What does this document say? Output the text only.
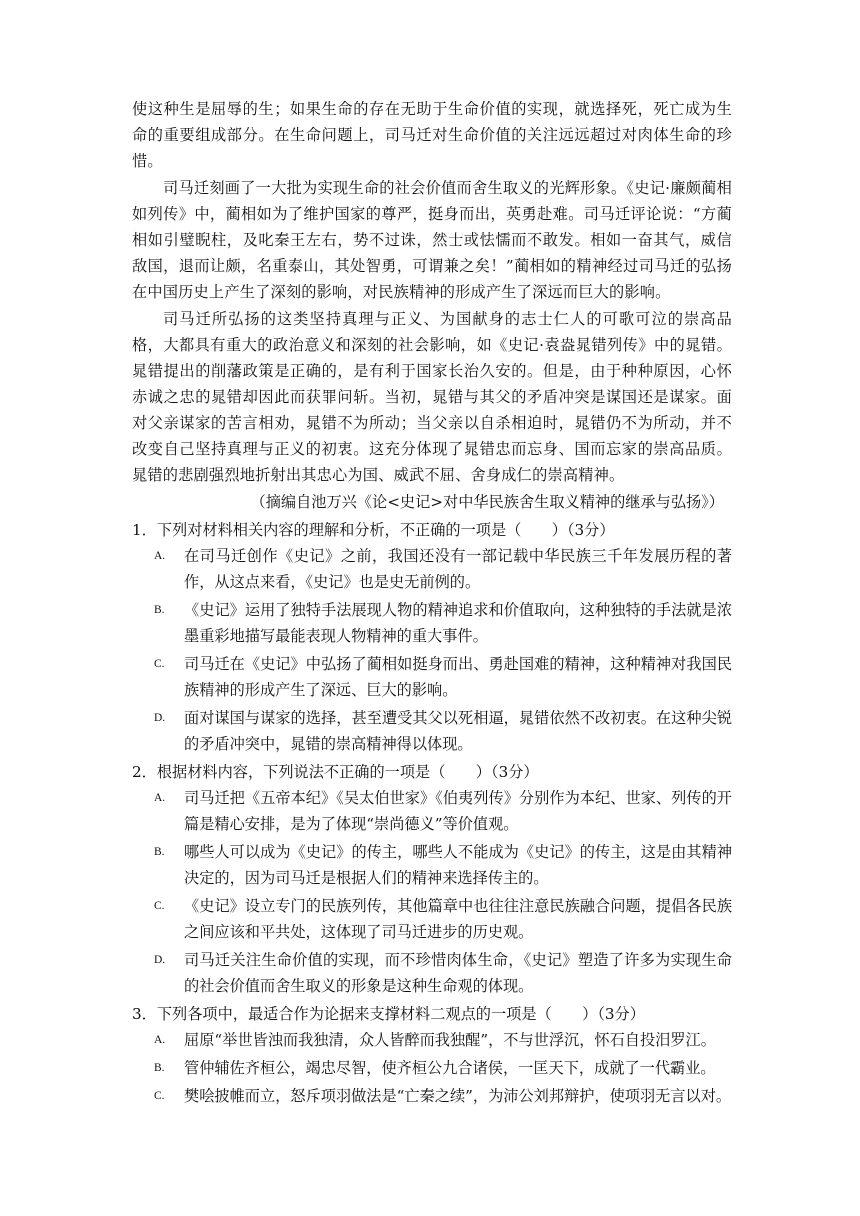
使这种生是屈辱的生；如果生命的存在无助于生命价值的实现，就选择死，死亡成为生命的重要组成部分。在生命问题上，司马迁对生命价值的关注远远超过对肉体生命的珍惜。

司马迁刻画了一大批为实现生命的社会价值而舍生取义的光辉形象。《史记·廉颇蔺相如列传》中，蔺相如为了维护国家的尊严，挺身而出，英勇赴难。司马迁评论说：“方蔺相如引璧睨柱，及叱秦王左右，势不过诛，然士或怯懦而不敢发。相如一奋其气，威信敌国，退而让颇，名重泰山，其处智勇，可谓兼之矣！”蔺相如的精神经过司马迁的弘扬在中国历史上产生了深刻的影响，对民族精神的形成产生了深远而巨大的影响。

司马迁所弘扬的这类坚持真理与正义、为国献身的志士仁人的可歌可泣的崇高品格，大都具有重大的政治意义和深刻的社会影响，如《史记·袁盎晁错列传》中的晁错。晁错提出的削藩政策是正确的，是有利于国家长治久安的。但是，由于种种原因，心怀赤诚之忠的晁错却因此而获罪问斩。当初，晁错与其父的矛盾冲突是谋国还是谋家。面对父亲谋家的苦言相劝，晁错不为所动；当父亲以自杀相迫时，晁错仍不为所动，并不改变自己坚持真理与正义的初衷。这充分体现了晁错忠而忘身、国而忘家的崇高品质。晁错的悲剧强烈地折射出其忠心为国、威武不屈、舍身成仁的崇高精神。

（摘编自池万兴《论<史记>对中华民族舍生取义精神的继承与弘扬》）

1．下列对材料相关内容的理解和分析，不正确的一项是（　　）（3分）
A. 在司马迁创作《史记》之前，我国还没有一部记载中华民族三千年发展历程的著作，从这点来看，《史记》也是史无前例的。
B. 《史记》运用了独特手法展现人物的精神追求和价值取向，这种独特的手法就是浓墨重彩地描写最能表现人物精神的重大事件。
C. 司马迁在《史记》中弘扬了蔺相如挺身而出、勇赴国难的精神，这种精神对我国民族精神的形成产生了深远、巨大的影响。
D. 面对谋国与谋家的选择，甚至遭受其父以死相逼，晁错依然不改初衷。在这种尖锐的矛盾冲突中，晁错的崇高精神得以体现。
2．根据材料内容，下列说法不正确的一项是（　　）（3分）
A. 司马迁把《五帝本纪》《吴太伯世家》《伯夷列传》分别作为本纪、世家、列传的开篇是精心安排，是为了体现“崇尚德义”等价值观。
B. 哪些人可以成为《史记》的传主，哪些人不能成为《史记》的传主，这是由其精神决定的，因为司马迁是根据人们的精神来选择传主的。
C. 《史记》设立专门的民族列传，其他篇章中也往往注意民族融合问题，提倡各民族之间应该和平共处，这体现了司马迁进步的历史观。
D. 司马迁关注生命价值的实现，而不珍惜肉体生命，《史记》塑造了许多为实现生命的社会价值而舍生取义的形象是这种生命观的体现。
3．下列各项中，最适合作为论据来支撑材料二观点的一项是（　　）（3分）
A. 屈原“举世皆浊而我独清，众人皆醉而我独醒”，不与世浮沉，怀石自投汨罗江。
B. 管仲辅佐齐桓公，竭忠尽智，使齐桓公九合诸侯，一匡天下，成就了一代霸业。
C. 樊哙披帷而立，怒斥项羽做法是“亡秦之续”，为沛公刘邦辩护，使项羽无言以对。
